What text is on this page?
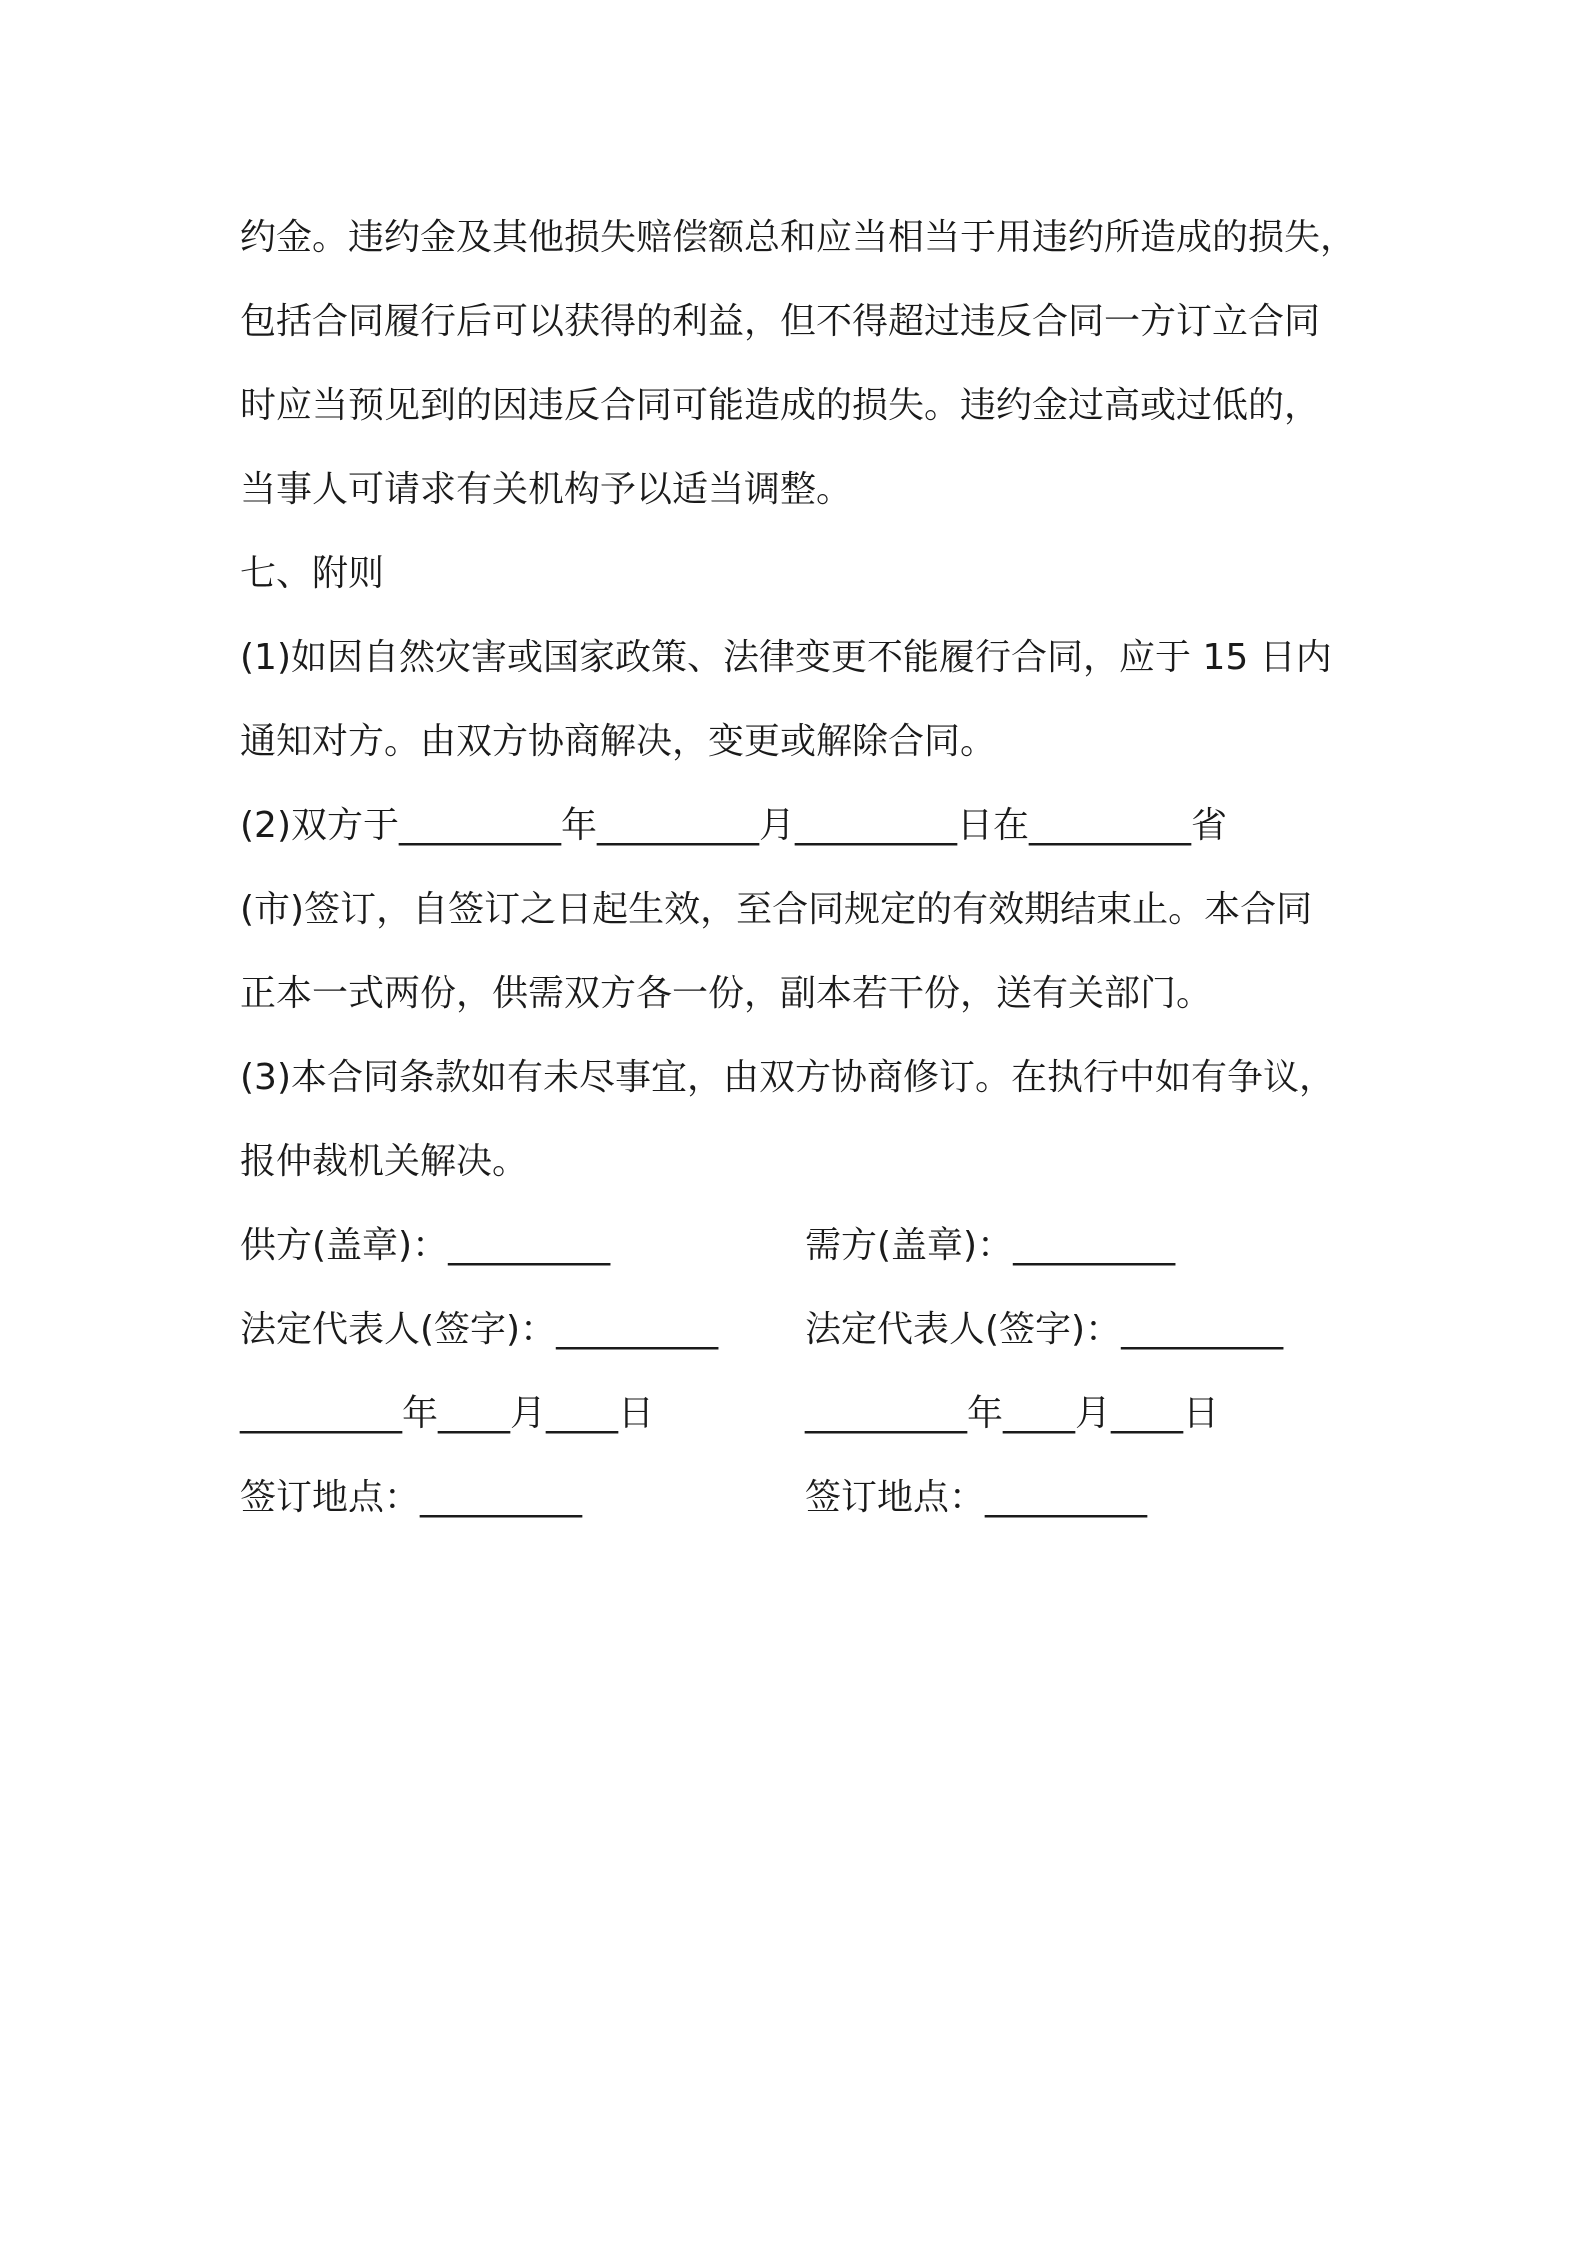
约金。违约金及其他损失赔偿额总和应当相当于用违约所造成的损失，
包括合同履行后可以获得的利益，但不得超过违反合同一方订立合同
时应当预见到的因违反合同可能造成的损失。违约金过高或过低的，
当事人可请求有关机构予以适当调整。
七、附则
(1)如因自然灾害或国家政策、法律变更不能履行合同，应于 15 日内
通知对方。由双方协商解决，变更或解除合同。
(2)双方于_________年_________月_________日在_________省
(市)签订，自签订之日起生效，至合同规定的有效期结束止。本合同
正本一式两份，供需双方各一份，副本若干份，送有关部门。
(3)本合同条款如有未尽事宜，由双方协商修订。在执行中如有争议，
报仲裁机关解决。
供方(盖章)：_________	需方(盖章)：_________
法定代表人(签字)：_________ 法定代表人(签字)：_________
_________年____月____日	_________年____月____日
签订地点：_________	签订地点：_________
